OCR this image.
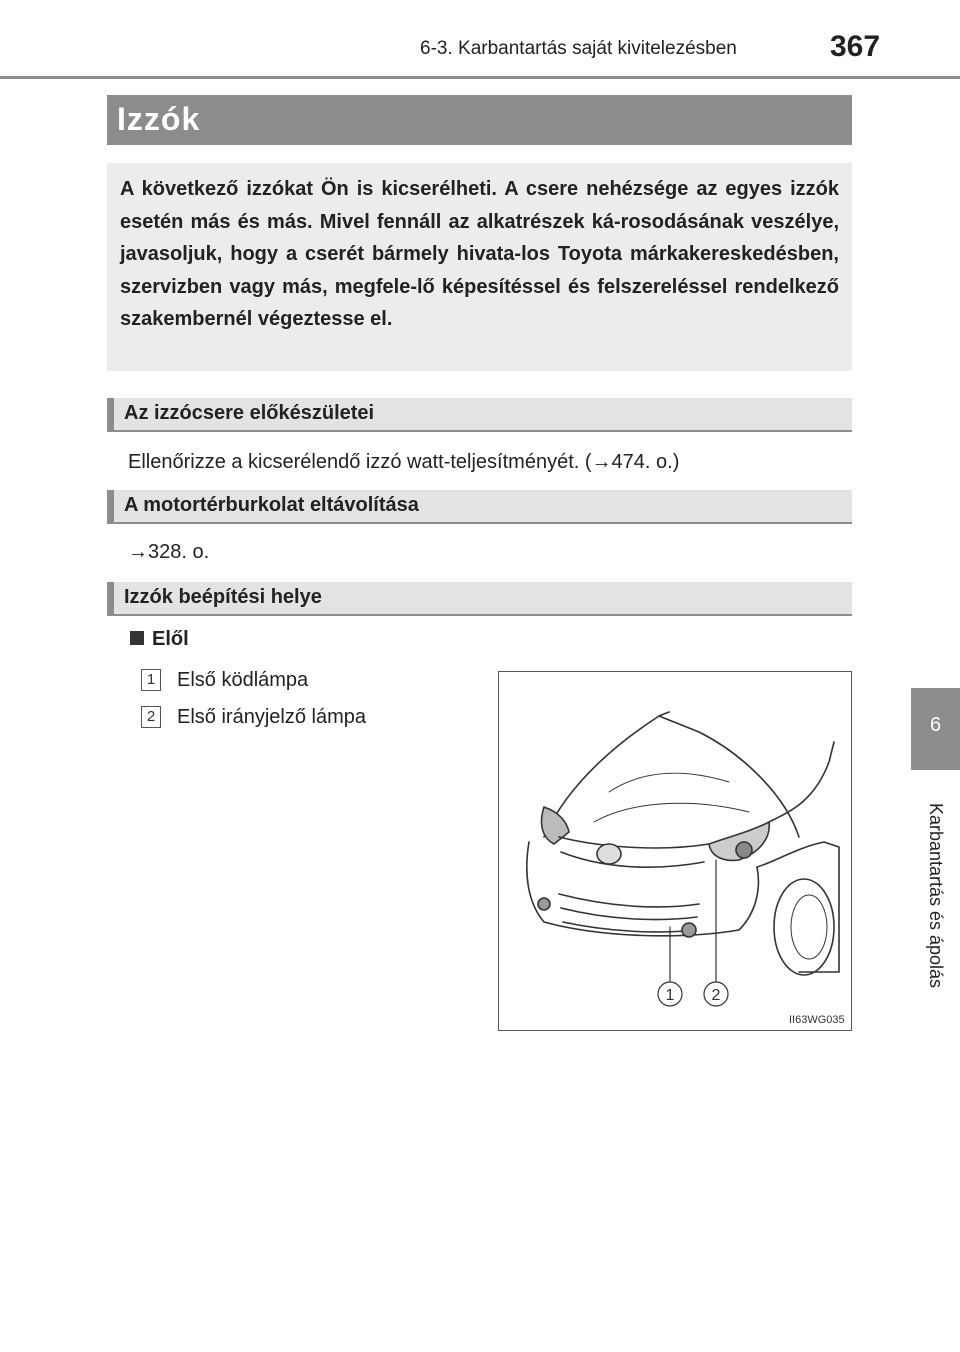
6-3. Karbantartás saját kivitelezésben	367
6
Karbantartás és ápolás
Izzók

A következő izzókat Ön is kicserélheti. A csere nehézsége az egyes izzók esetén más és más. Mivel fennáll az alkatrészek ká-rosodásának veszélye, javasoljuk, hogy a cserét bármely hivata-los Toyota márkakereskedésben, szervizben vagy más, megfele-lő képesítéssel és felszereléssel rendelkező szakembernél végeztesse el.

Az izzócsere előkészületei
Ellenőrizze a kicserélendő izzó watt-teljesítményét. (→474. o.)
A motortérburkolat eltávolítása
→328. o.
Izzók beépítési helye
Elől
1 Első ködlámpa
2 Első irányjelző lámpa
1 2
II63WG035
